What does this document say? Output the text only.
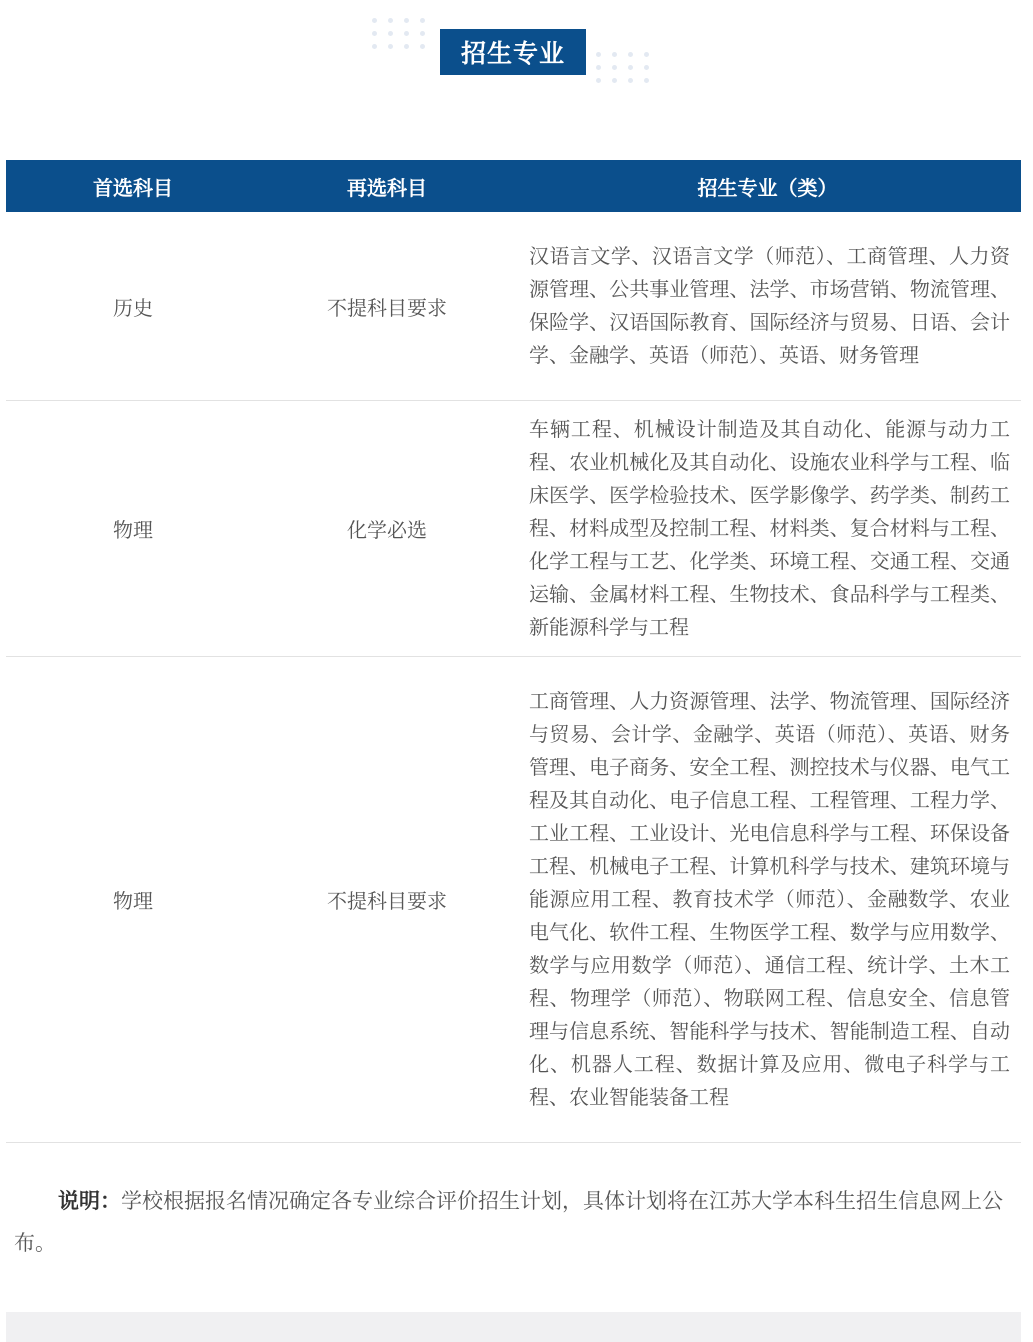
招生专业
首选科目	再选科目	招生专业（类）
历史	不提科目要求
汉语言文学、汉语言文学（师范）、工商管理、人力资源管理、公共事业管理、法学、市场营销、物流管理、保险学、汉语国际教育、国际经济与贸易、日语、会计学、金融学、英语（师范）、英语、财务管理
物理	化学必选
车辆工程、机械设计制造及其自动化、能源与动力工程、农业机械化及其自动化、设施农业科学与工程、临床医学、医学检验技术、医学影像学、药学类、制药工程、材料成型及控制工程、材料类、复合材料与工程、化学工程与工艺、化学类、环境工程、交通工程、交通运输、金属材料工程、生物技术、食品科学与工程类、新能源科学与工程
物理	不提科目要求
工商管理、人力资源管理、法学、物流管理、国际经济与贸易、会计学、金融学、英语（师范）、英语、财务管理、电子商务、安全工程、测控技术与仪器、电气工程及其自动化、电子信息工程、工程管理、工程力学、工业工程、工业设计、光电信息科学与工程、环保设备工程、机械电子工程、计算机科学与技术、建筑环境与能源应用工程、教育技术学（师范）、金融数学、农业电气化、软件工程、生物医学工程、数学与应用数学、数学与应用数学（师范）、通信工程、统计学、土木工程、物理学（师范）、物联网工程、信息安全、信息管理与信息系统、智能科学与技术、智能制造工程、自动化、机器人工程、数据计算及应用、微电子科学与工程、农业智能装备工程
说明：学校根据报名情况确定各专业综合评价招生计划，具体计划将在江苏大学本科生招生信息网上公布。
